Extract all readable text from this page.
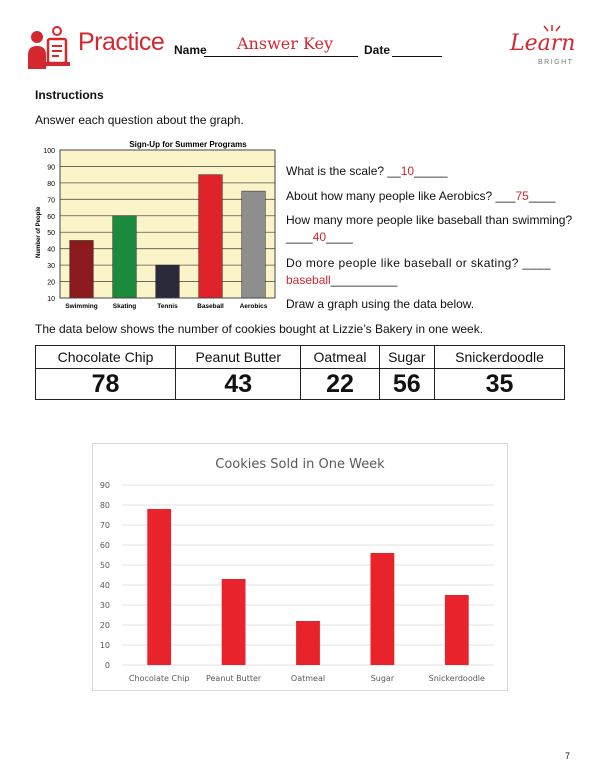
Practice Name Answer Key	Date	Learn
BRIGHT
Instructions
Answer each question about the graph.
100
90
80
70
60
50
40
30
20
10
Swimming Skating	Tennis	Baseball Aerobics
Sign-Up for Summer Programs
Number of People
What is the scale? __10_____
About how many people like Aerobics? ___75____
How many more people like baseball than swimming?
____40____
Do more people like baseball or skating? ____
baseball__________
Draw a graph using the data below.
The data below shows the number of cookies bought at Lizzie’s Bakery in one week.
Chocolate Chip	Peanut Butter	Oatmeal	Sugar	Snickerdoodle
78	43	22	56	35
Cookies Sold in One Week
0
10
20
30
40
50
60
70
80
90
Chocolate Chip Peanut Butter	Oatmeal	Sugar	Snickerdoodle
7
